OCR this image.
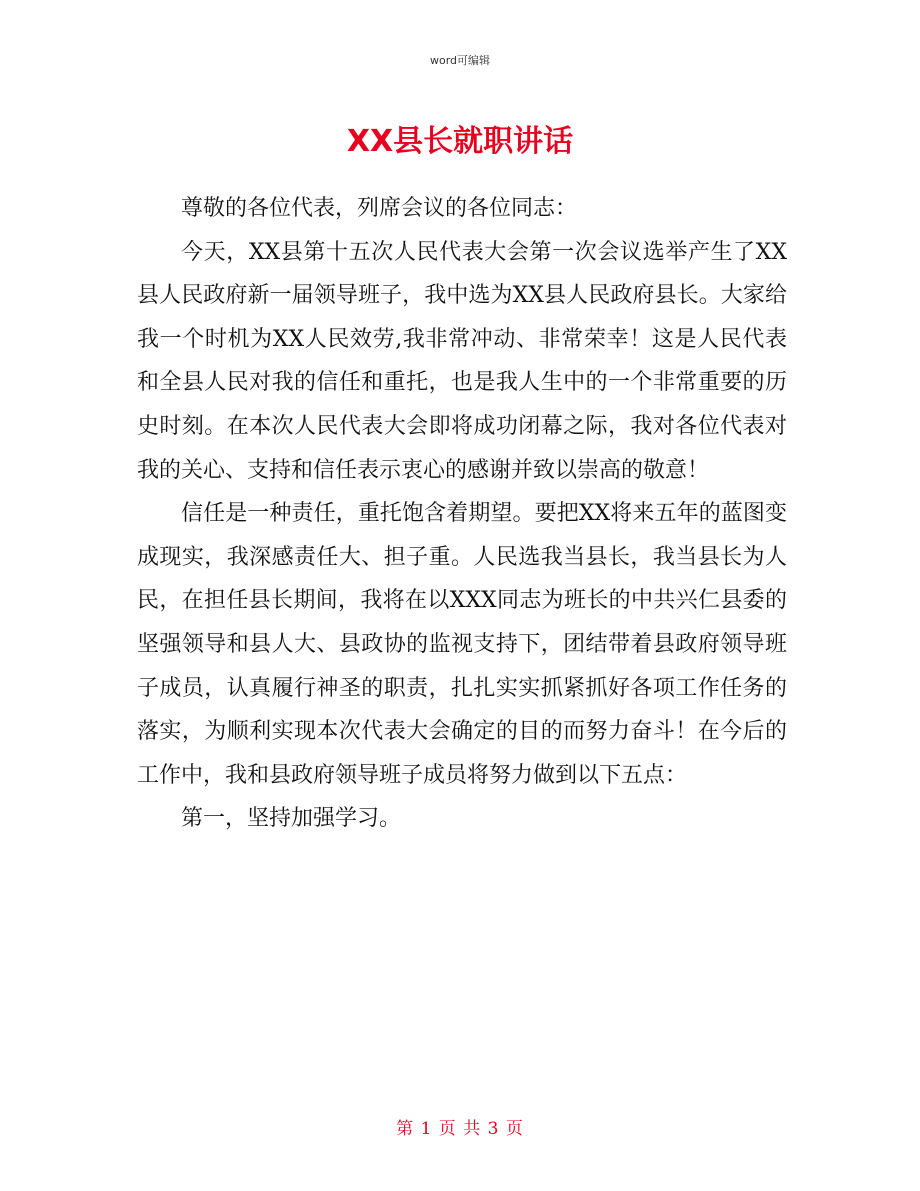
word可编辑
XX县长就职讲话

尊敬的各位代表，列席会议的各位同志：

今天，XX县第十五次人民代表大会第一次会议选举产生了XX县人民政府新一届领导班子，我中选为XX县人民政府县长。大家给我一个时机为XX人民效劳,我非常冲动、非常荣幸！这是人民代表和全县人民对我的信任和重托，也是我人生中的一个非常重要的历史时刻。在本次人民代表大会即将成功闭幕之际，我对各位代表对我的关心、支持和信任表示衷心的感谢并致以崇高的敬意！

信任是一种责任，重托饱含着期望。要把XX将来五年的蓝图变成现实，我深感责任大、担子重。人民选我当县长，我当县长为人民，在担任县长期间，我将在以XXX同志为班长的中共兴仁县委的坚强领导和县人大、县政协的监视支持下，团结带着县政府领导班子成员，认真履行神圣的职责，扎扎实实抓紧抓好各项工作任务的落实，为顺利实现本次代表大会确定的目的而努力奋斗！在今后的工作中，我和县政府领导班子成员将努力做到以下五点：

第一，坚持加强学习。

第 1 页 共 3 页
